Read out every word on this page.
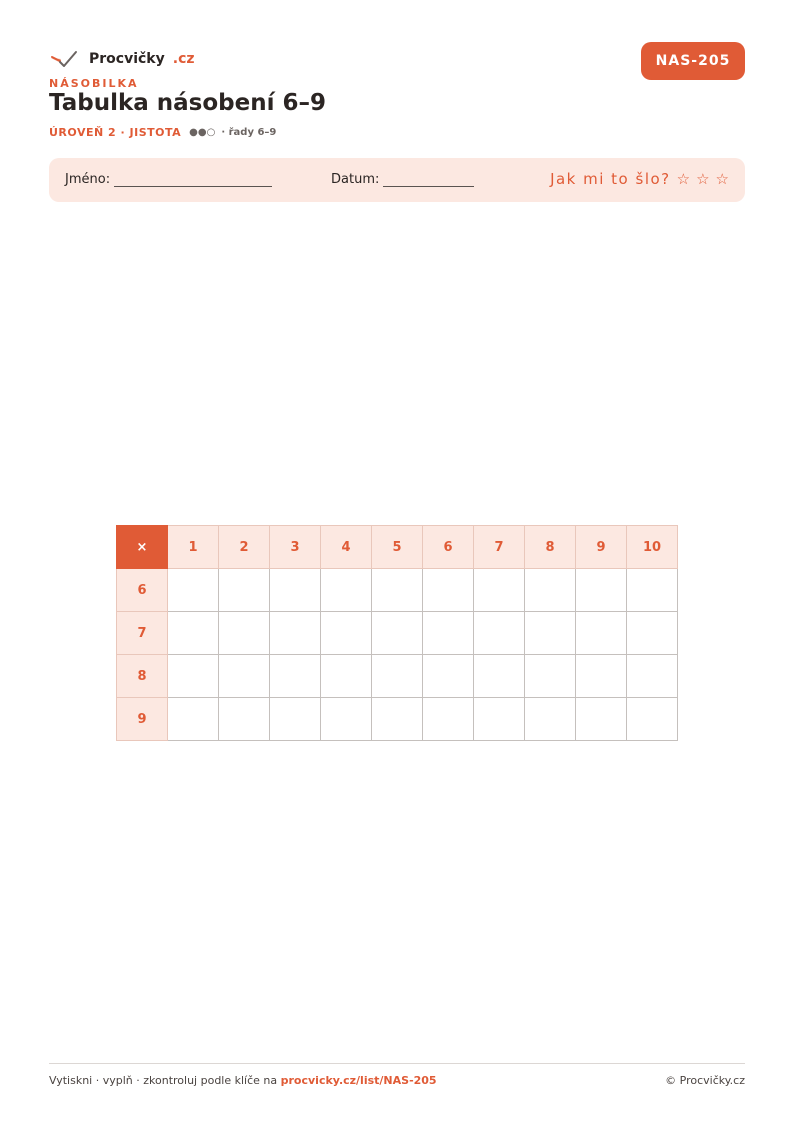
Procvičky .cz	NAS-205
NÁSOBILKA
Tabulka násobení 6–9
ÚROVEŇ 2 · JISTOTA ●●○ · řady 6–9
Jméno:	Datum:	Jak mi to šlo? ☆ ☆ ☆
×	1	2	3	4	5	6	7	8	9	10
6										
7										
8										
9										
Vytiskni · vyplň · zkontroluj podle klíče na procvicky.cz/list/NAS-205	© Procvičky.cz
